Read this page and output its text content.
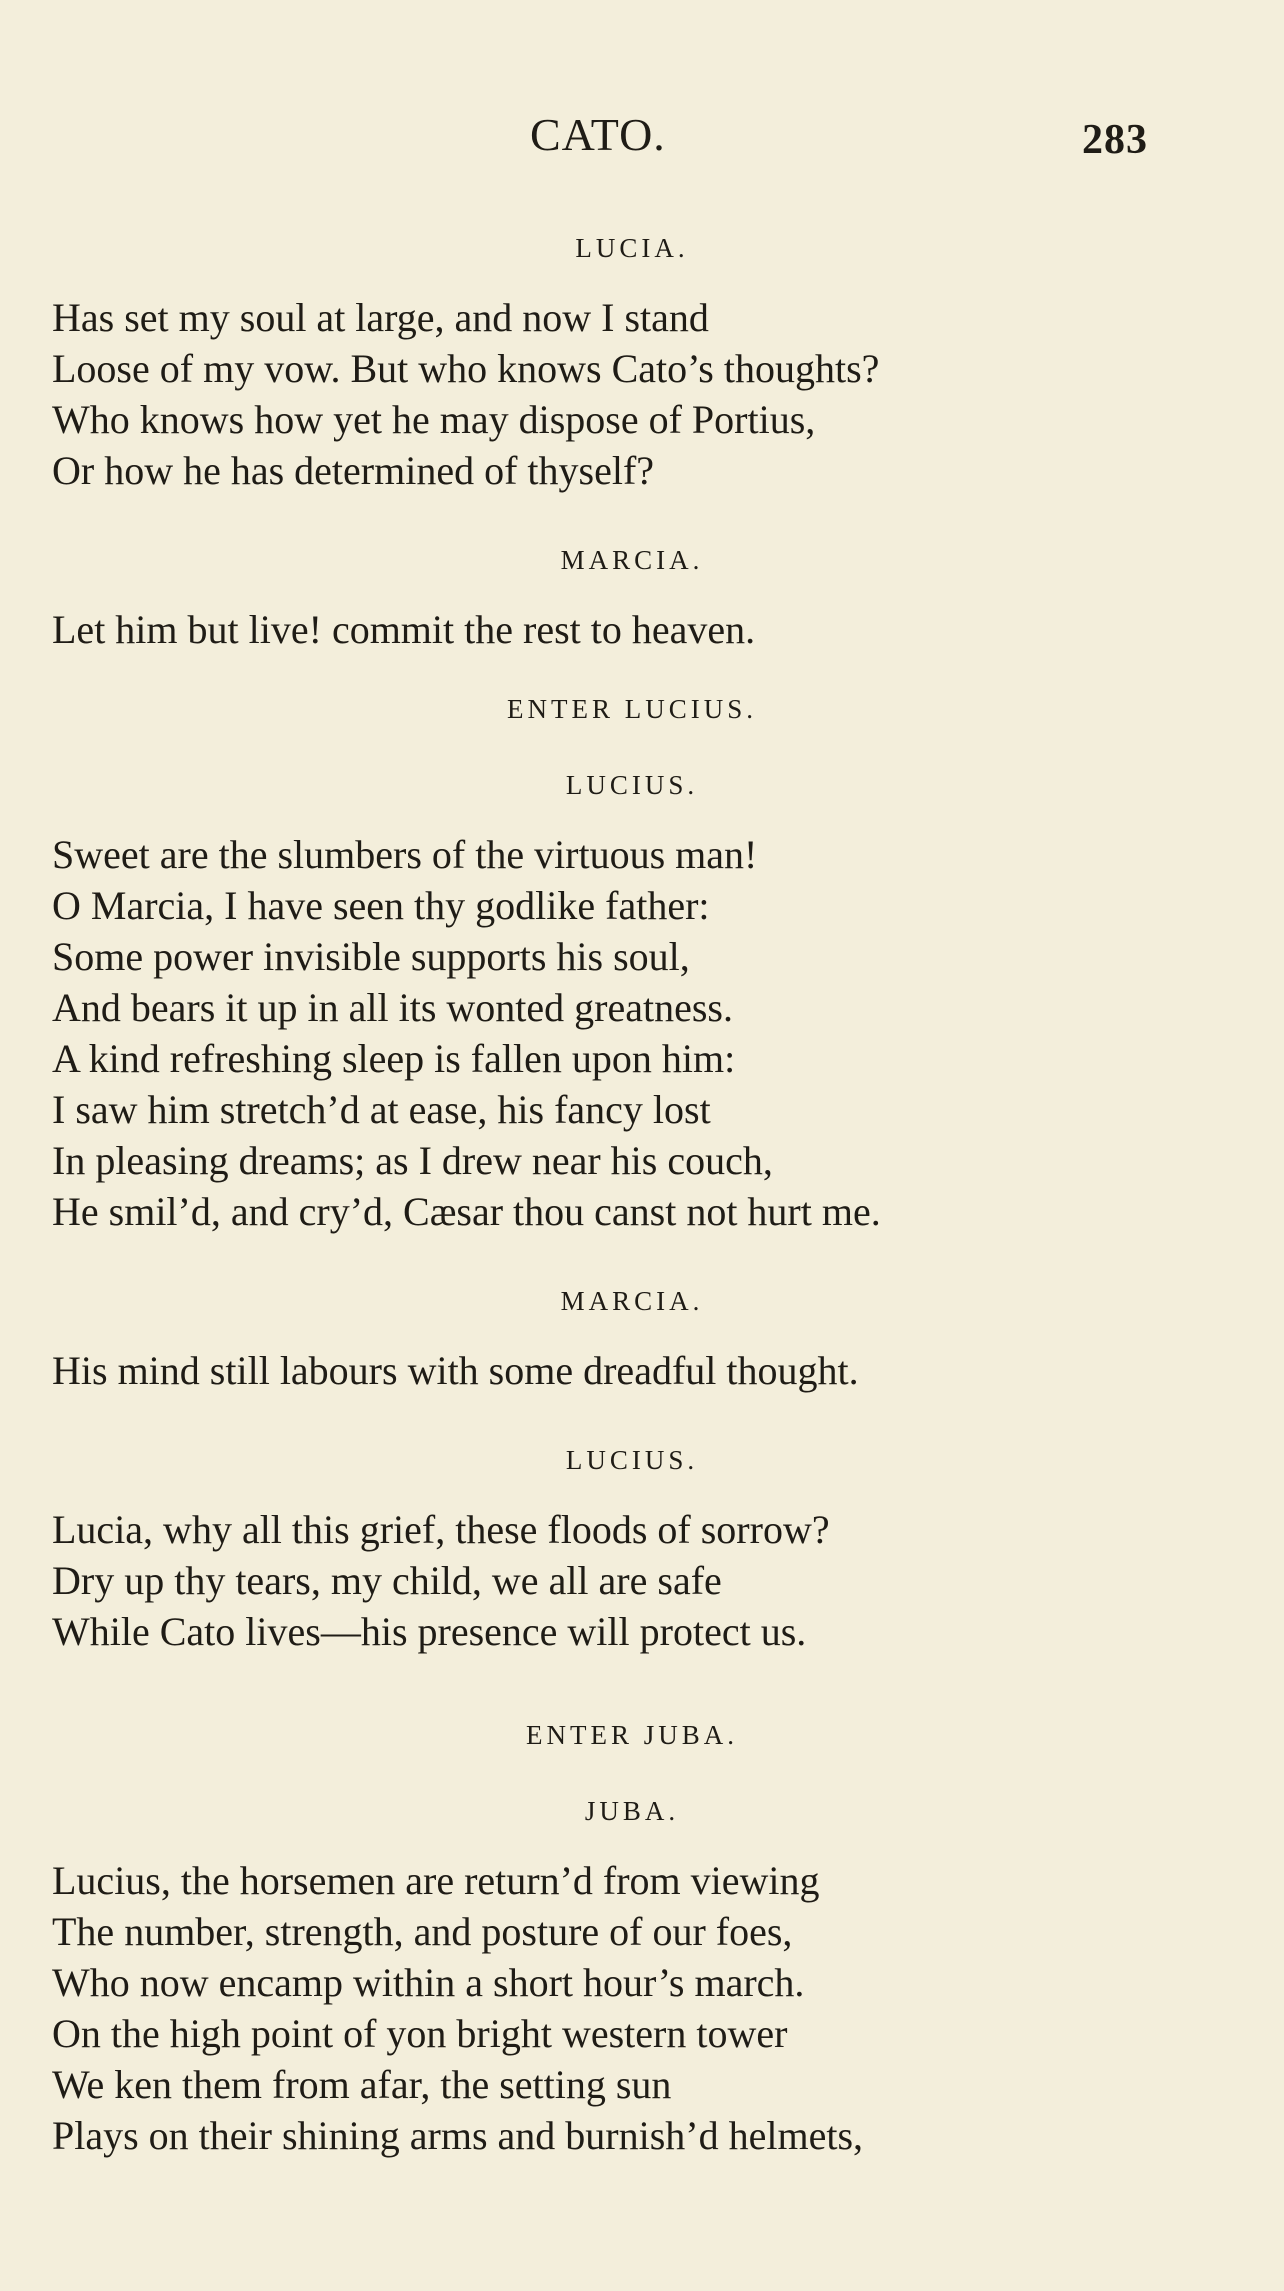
CATO.	283
LUCIA.
Has set my soul at large, and now I stand
Loose of my vow. But who knows Cato’s thoughts?
Who knows how yet he may dispose of Portius,
Or how he has determined of thyself?
MARCIA.
Let him but live! commit the rest to heaven.
ENTER LUCIUS.
LUCIUS.
Sweet are the slumbers of the virtuous man!
O Marcia, I have seen thy godlike father:
Some power invisible supports his soul,
And bears it up in all its wonted greatness.
A kind refreshing sleep is fallen upon him:
I saw him stretch’d at ease, his fancy lost
In pleasing dreams; as I drew near his couch,
He smil’d, and cry’d, Cæsar thou canst not hurt me.
MARCIA.
His mind still labours with some dreadful thought.
LUCIUS.
Lucia, why all this grief, these floods of sorrow?
Dry up thy tears, my child, we all are safe
While Cato lives—his presence will protect us.
ENTER JUBA.
JUBA.
Lucius, the horsemen are return’d from viewing
The number, strength, and posture of our foes,
Who now encamp within a short hour’s march.
On the high point of yon bright western tower
We ken them from afar, the setting sun
Plays on their shining arms and burnish’d helmets,
